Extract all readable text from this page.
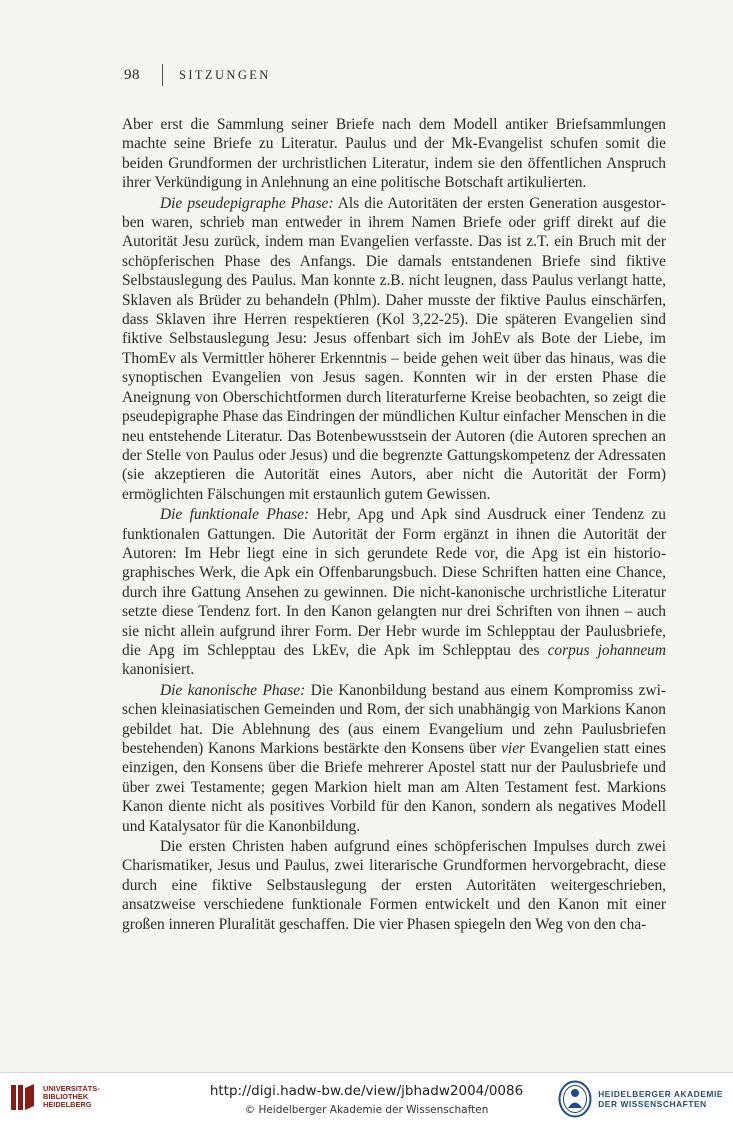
98	SITZUNGEN

Aber erst die Sammlung seiner Briefe nach dem Modell antiker Briefsammlungen machte seine Briefe zu Literatur. Paulus und der Mk-Evangelist schufen somit die beiden Grundformen der urchristlichen Literatur, indem sie den öffentlichen Anspruch ihrer Verkündigung in Anlehnung an eine politische Botschaft artikulierten.

Die pseudepigraphe Phase: Als die Autoritäten der ersten Generation ausgestorben waren, schrieb man entweder in ihrem Namen Briefe oder griff direkt auf die Autorität Jesu zurück, indem man Evangelien verfasste. Das ist z.T. ein Bruch mit der schöpferischen Phase des Anfangs. Die damals entstandenen Briefe sind fiktive Selbstauslegung des Paulus. Man konnte z.B. nicht leugnen, dass Paulus verlangt hatte, Sklaven als Brüder zu behandeln (Phlm). Daher musste der fiktive Paulus einschärfen, dass Sklaven ihre Herren respektieren (Kol 3,22-25). Die späteren Evangelien sind fiktive Selbstauslegung Jesu: Jesus offenbart sich im JohEv als Bote der Liebe, im ThomEv als Vermittler höherer Erkenntnis – beide gehen weit über das hinaus, was die synoptischen Evangelien von Jesus sagen. Konnten wir in der ersten Phase die Aneignung von Oberschichtformen durch literaturferne Kreise beobachten, so zeigt die pseudepigraphe Phase das Eindringen der mündlichen Kultur einfacher Menschen in die neu entstehende Literatur. Das Botenbewusstsein der Autoren (die Autoren sprechen an der Stelle von Paulus oder Jesus) und die begrenzte Gattungskompetenz der Adressaten (sie akzeptieren die Autorität eines Autors, aber nicht die Autorität der Form) ermöglichten Fälschungen mit erstaunlich gutem Gewissen.

Die funktionale Phase: Hebr, Apg und Apk sind Ausdruck einer Tendenz zu funktionalen Gattungen. Die Autorität der Form ergänzt in ihnen die Autorität der Autoren: Im Hebr liegt eine in sich gerundete Rede vor, die Apg ist ein historiographisches Werk, die Apk ein Offenbarungsbuch. Diese Schriften hatten eine Chance, durch ihre Gattung Ansehen zu gewinnen. Die nicht-kanonische urchristliche Literatur setzte diese Tendenz fort. In den Kanon gelangten nur drei Schriften von ihnen – auch sie nicht allein aufgrund ihrer Form. Der Hebr wurde im Schlepptau der Paulusbriefe, die Apg im Schlepptau des LkEv, die Apk im Schlepptau des corpus johanneum kanonisiert.

Die kanonische Phase: Die Kanonbildung bestand aus einem Kompromiss zwischen kleinasiatischen Gemeinden und Rom, der sich unabhängig von Markions Kanon gebildet hat. Die Ablehnung des (aus einem Evangelium und zehn Paulusbriefen bestehenden) Kanons Markions bestärkte den Konsens über vier Evangelien statt eines einzigen, den Konsens über die Briefe mehrerer Apostel statt nur der Paulusbriefe und über zwei Testamente; gegen Markion hielt man am Alten Testament fest. Markions Kanon diente nicht als positives Vorbild für den Kanon, sondern als negatives Modell und Katalysator für die Kanonbildung.

Die ersten Christen haben aufgrund eines schöpferischen Impulses durch zwei Charismatiker, Jesus und Paulus, zwei literarische Grundformen hervorgebracht, diese durch eine fiktive Selbstauslegung der ersten Autoritäten weitergeschrieben, ansatzweise verschiedene funktionale Formen entwickelt und den Kanon mit einer großen inneren Pluralität geschaffen. Die vier Phasen spiegeln den Weg von den cha-

UNIVERSITÄTS-
BIBLIOTHEK
HEIDELBERG
http://digi.hadw-bw.de/view/jbhadw2004/0086
© Heidelberger Akademie der Wissenschaften
HEIDELBERGER AKADEMIE
DER WISSENSCHAFTEN
